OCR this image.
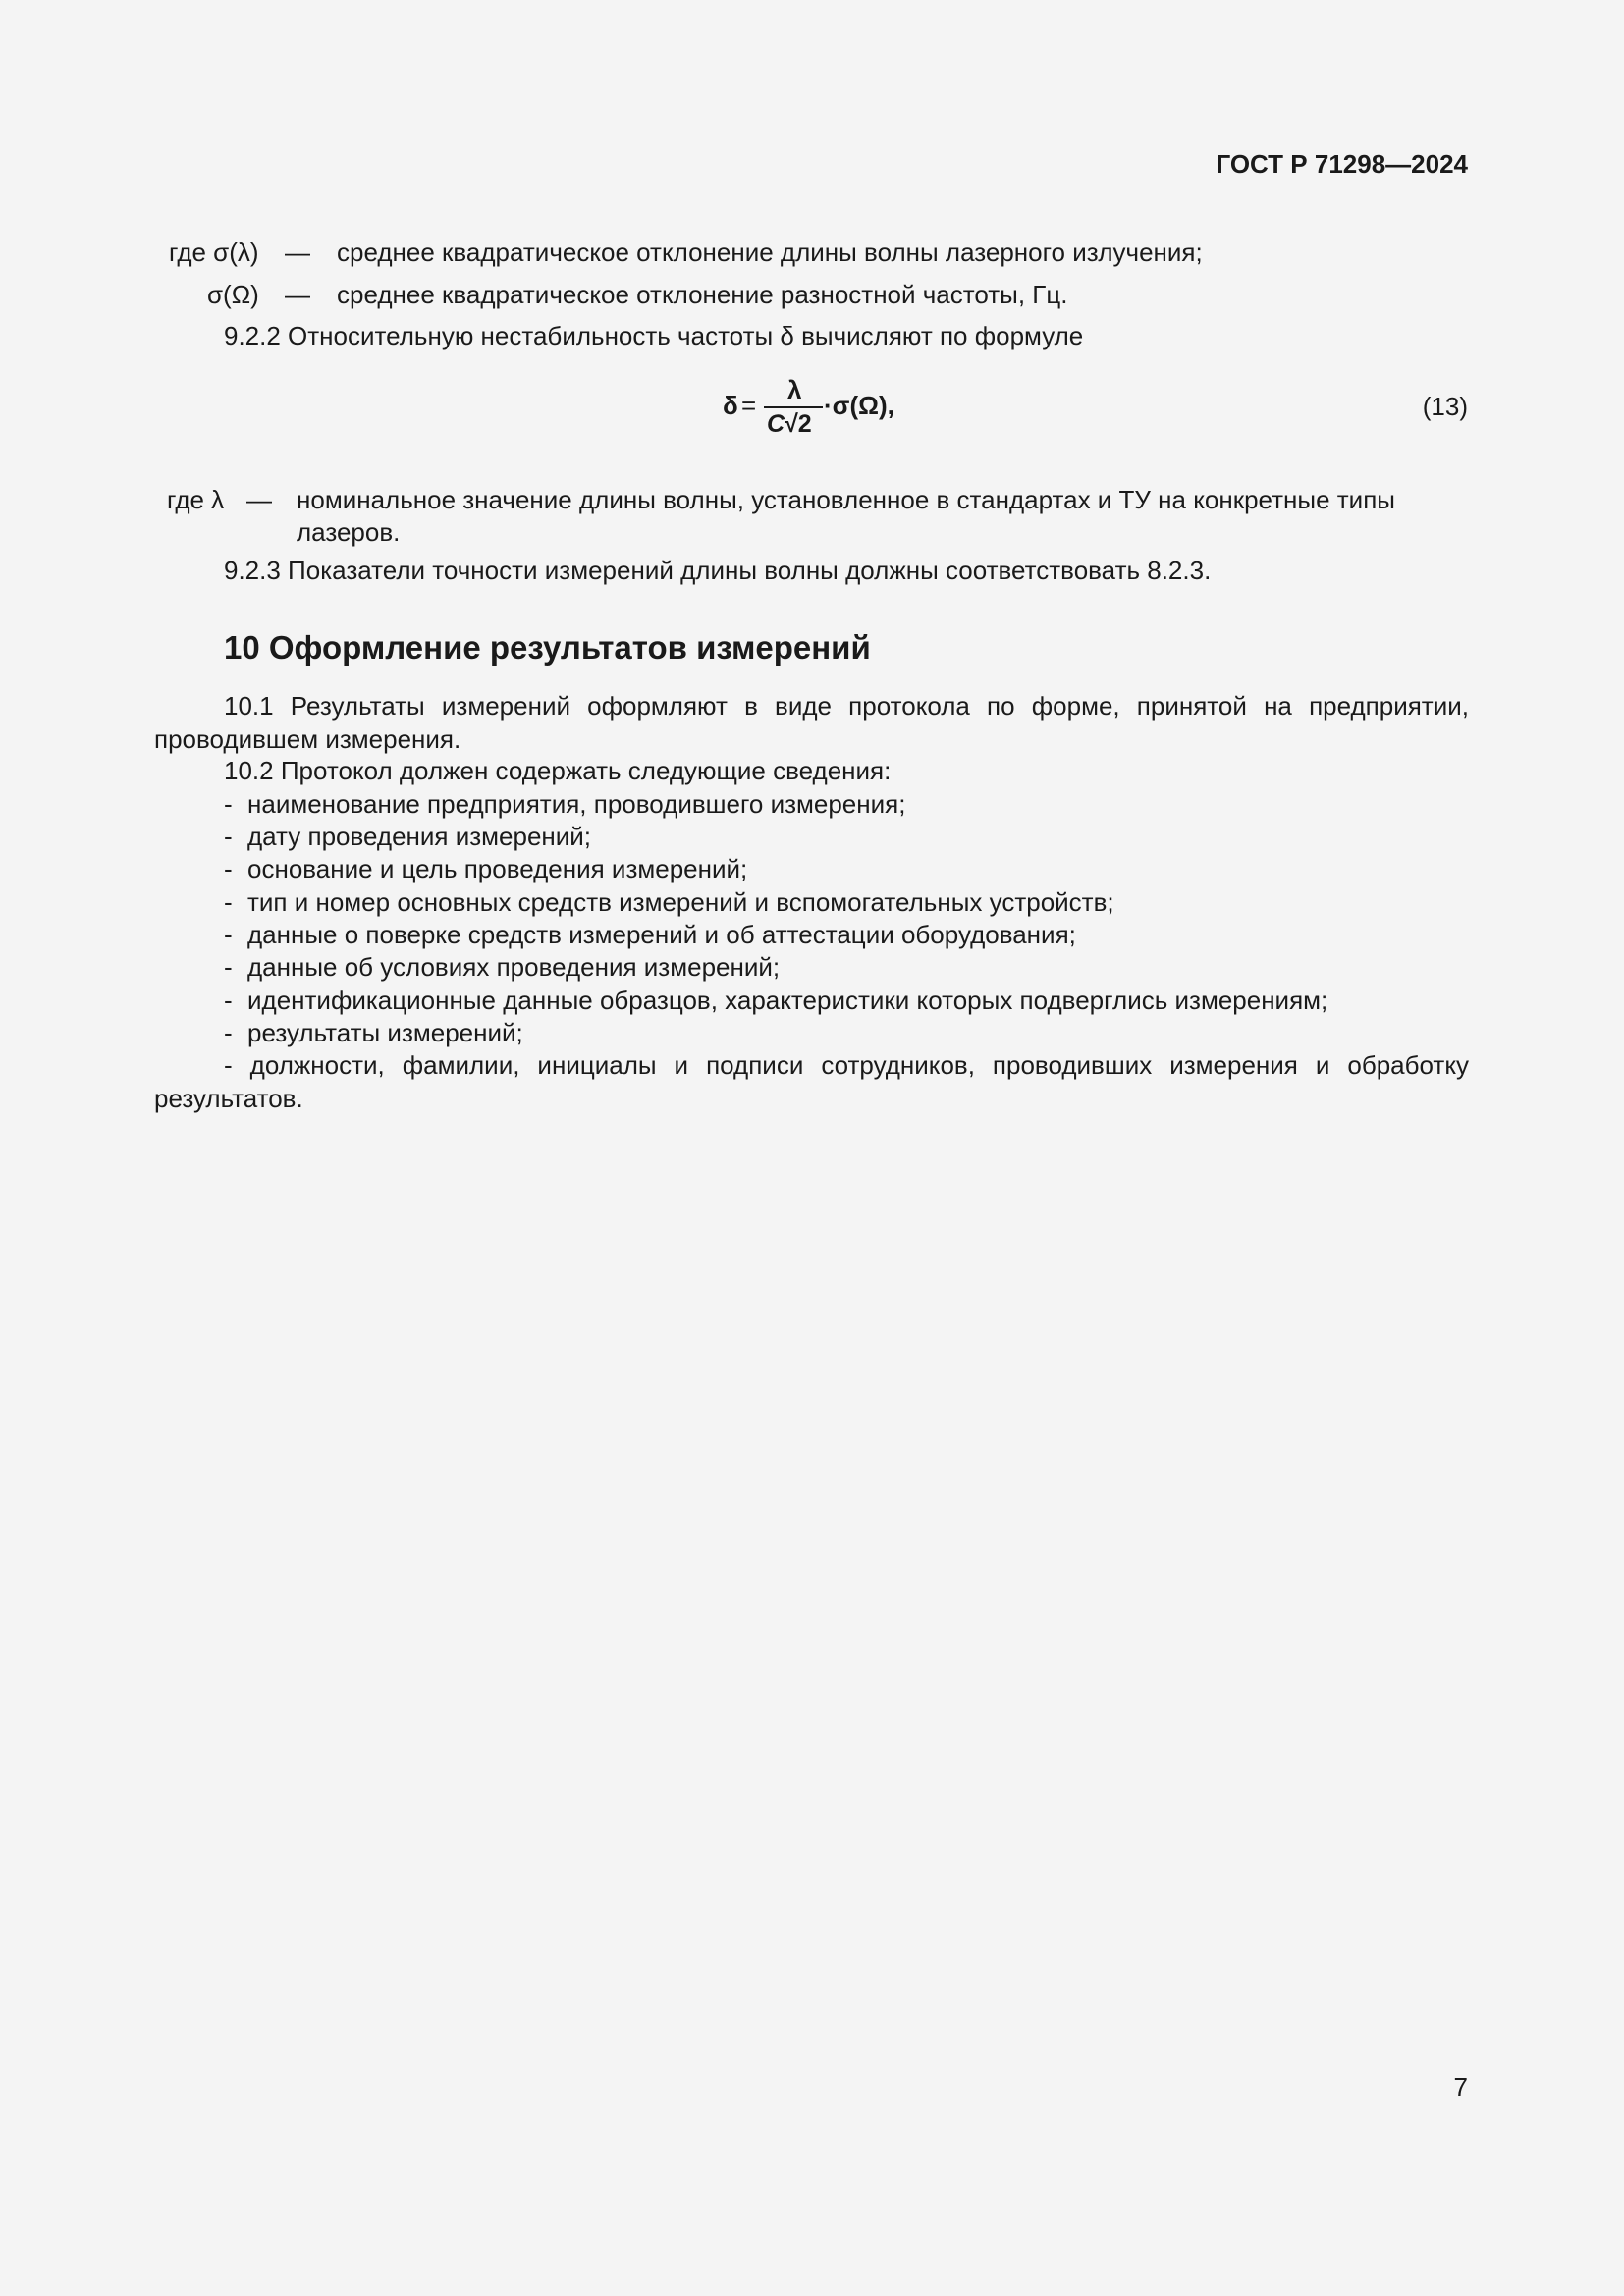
ГОСТ Р 71298—2024
где σ(λ) — среднее квадратическое отклонение длины волны лазерного излучения;
σ(Ω) — среднее квадратическое отклонение разностной частоты, Гц.
9.2.2 Относительную нестабильность частоты δ вычисляют по формуле
δ =
λ
C√2
·σ(Ω),	(13)
где λ — номинальное значение длины волны, установленное в стандартах и ТУ на конкретные типы
лазеров.
9.2.3 Показатели точности измерений длины волны должны соответствовать 8.2.3.
10 Оформление результатов измерений
10.1 Результаты измерений оформляют в виде протокола по форме, принятой на предприятии, проводившем измерения.
10.2 Протокол должен содержать следующие сведения:
- наименование предприятия, проводившего измерения;
- дату проведения измерений;
- основание и цель проведения измерений;
- тип и номер основных средств измерений и вспомогательных устройств;
- данные о поверке средств измерений и об аттестации оборудования;
- данные об условиях проведения измерений;
- идентификационные данные образцов, характеристики которых подверглись измерениям;
- результаты измерений;
- должности, фамилии, инициалы и подписи сотрудников, проводивших измерения и обработку результатов.
7
